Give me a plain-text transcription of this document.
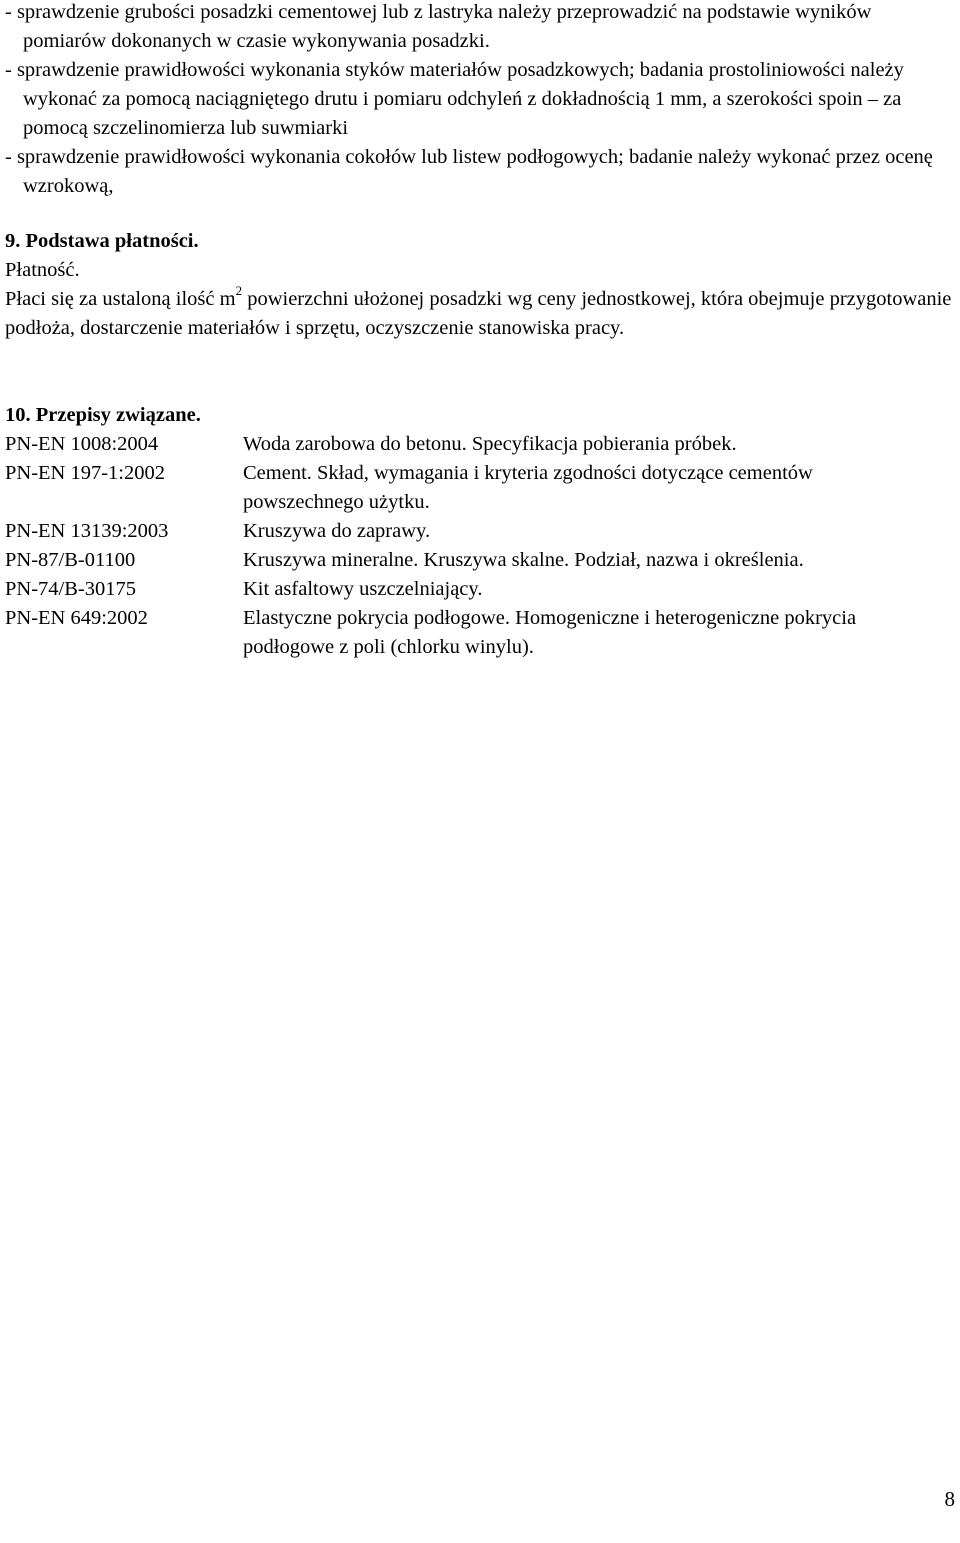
- sprawdzenie grubości posadzki cementowej lub z lastryka należy przeprowadzić na podstawie wyników pomiarów dokonanych w czasie wykonywania posadzki.

- sprawdzenie prawidłowości wykonania styków materiałów posadzkowych; badania prostoliniowości należy wykonać za pomocą naciągniętego drutu i pomiaru odchyleń z dokładnością 1 mm, a szerokości spoin – za pomocą szczelinomierza lub suwmiarki

- sprawdzenie prawidłowości wykonania cokołów lub listew podłogowych; badanie należy wykonać przez ocenę wzrokową,

9. Podstawa płatności.

Płatność.

Płaci się za ustaloną ilość $m^2$ powierzchni ułożonej posadzki wg ceny jednostkowej, która obejmuje przygotowanie podłoża, dostarczenie materiałów i sprzętu, oczyszczenie stanowiska pracy.

10. Przepisy związane.

PN-EN 1008:2004	Woda zarobowa do betonu. Specyfikacja pobierania próbek.
PN-EN 197-1:2002	Cement. Skład, wymagania i kryteria zgodności dotyczące cementów powszechnego użytku.
PN-EN 13139:2003	Kruszywa do zaprawy.
PN-87/B-01100	Kruszywa mineralne. Kruszywa skalne. Podział, nazwa i określenia.
PN-74/B-30175	Kit asfaltowy uszczelniający.
PN-EN 649:2002	Elastyczne pokrycia podłogowe. Homogeniczne i heterogeniczne pokrycia podłogowe z poli (chlorku winylu).
8
